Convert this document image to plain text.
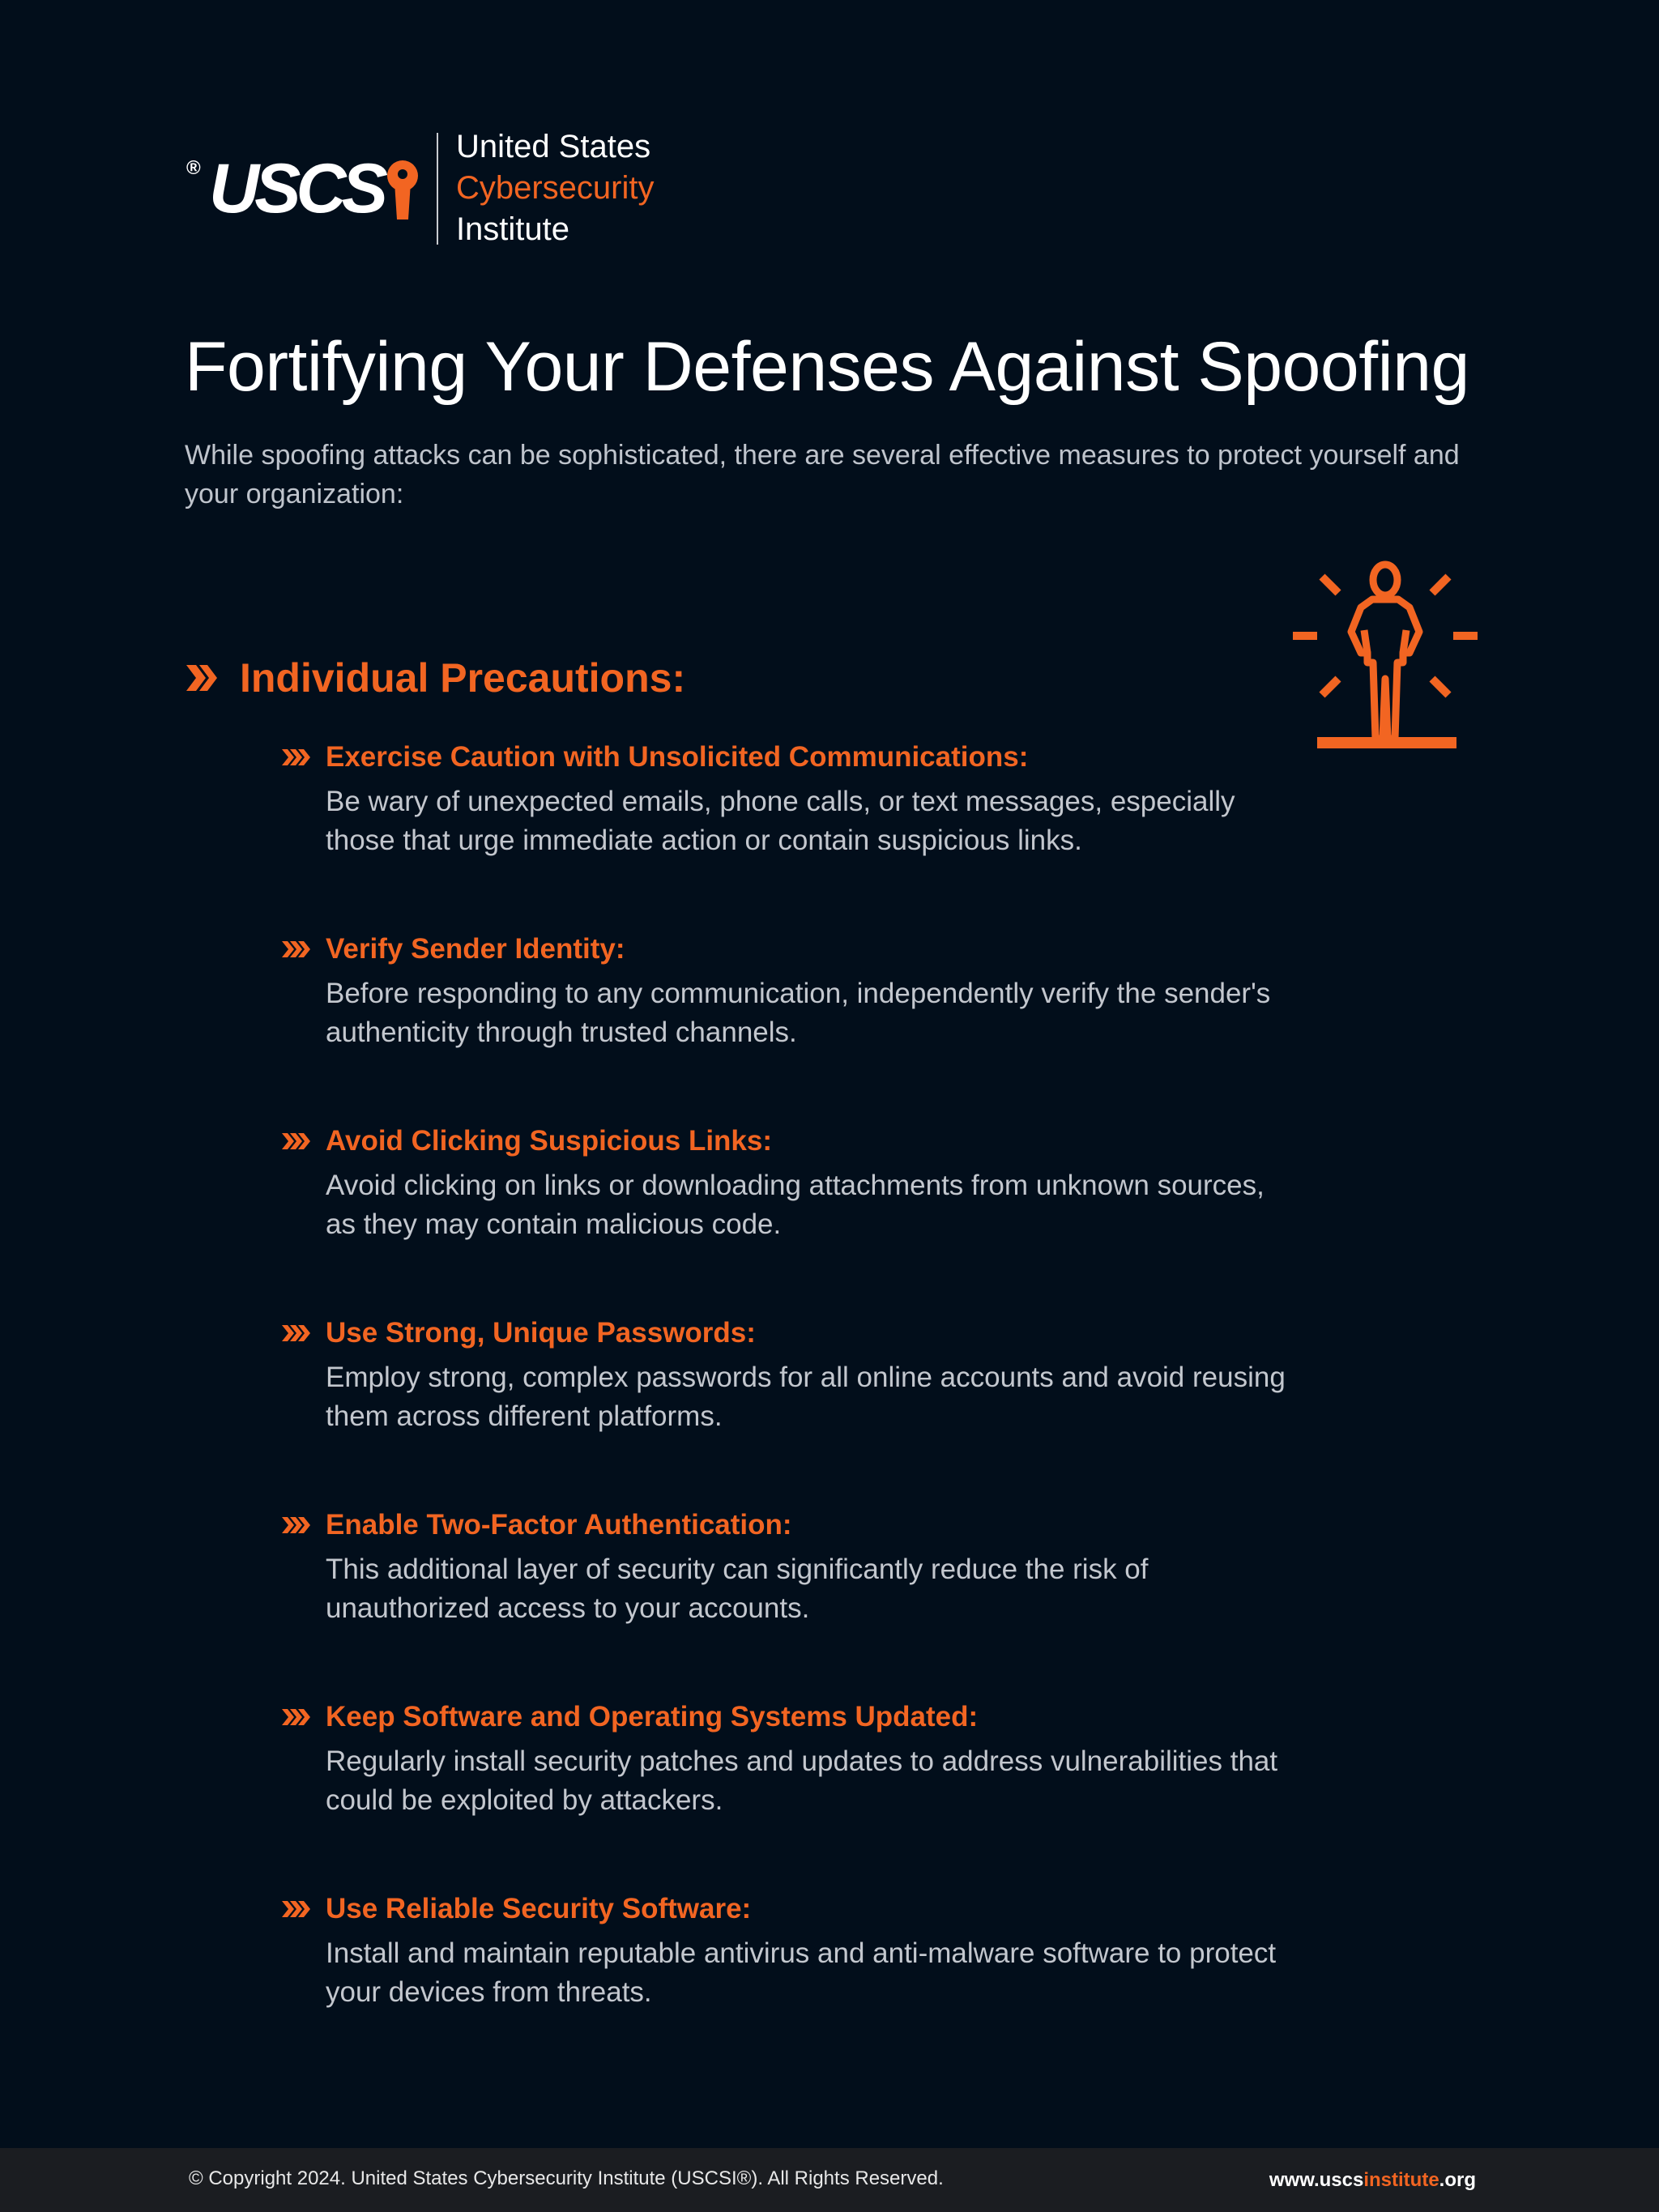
® USCS
United States
Cybersecurity
Institute
Fortifying Your Defenses Against Spoofing

While spoofing attacks can be sophisticated, there are several effective measures to protect yourself and your organization:

Individual Precautions:
Exercise Caution with Unsolicited Communications:
Be wary of unexpected emails, phone calls, or text messages, especially those that urge immediate action or contain suspicious links.
Verify Sender Identity:
Before responding to any communication, independently verify the sender's authenticity through trusted channels.
Avoid Clicking Suspicious Links:
Avoid clicking on links or downloading attachments from unknown sources, as they may contain malicious code.
Use Strong, Unique Passwords:
Employ strong, complex passwords for all online accounts and avoid reusing them across different platforms.
Enable Two-Factor Authentication:
This additional layer of security can significantly reduce the risk of unauthorized access to your accounts.
Keep Software and Operating Systems Updated:
Regularly install security patches and updates to address vulnerabilities that could be exploited by attackers.
Use Reliable Security Software:
Install and maintain reputable antivirus and anti-malware software to protect your devices from threats.
© Copyright 2024. United States Cybersecurity Institute (USCSI®). All Rights Reserved.	www.uscsinstitute.org
